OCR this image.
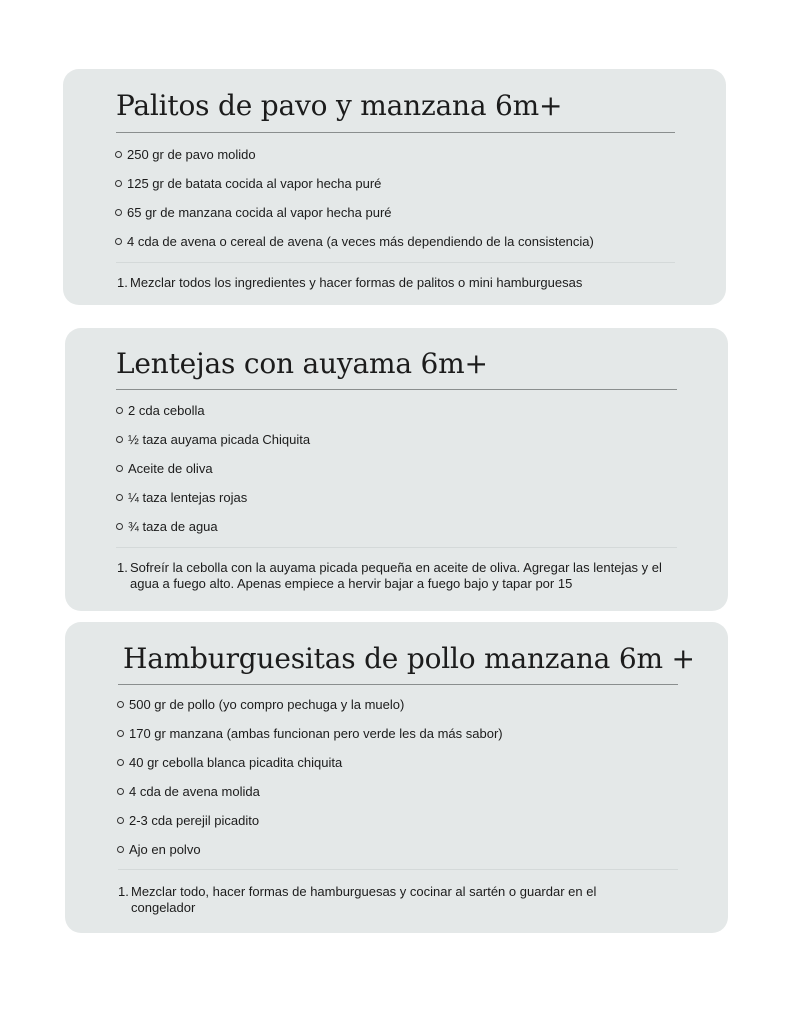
Palitos de pavo y manzana 6m+
250 gr de pavo molido
125 gr de batata cocida al vapor hecha puré
65 gr de manzana cocida al vapor hecha puré
4 cda de avena o cereal de avena (a veces más dependiendo de la consistencia)
1. Mezclar todos los ingredientes y hacer formas de palitos o mini hamburguesas
Lentejas con auyama 6m+
2 cda cebolla
½ taza auyama picada Chiquita
Aceite de oliva
¼ taza lentejas rojas
¾ taza de agua
1. Sofreír la cebolla con la auyama picada pequeña en aceite de oliva. Agregar las lentejas y el agua a fuego alto. Apenas empiece a hervir bajar a fuego bajo y tapar por 15
Hamburguesitas de pollo manzana 6m +
500 gr de pollo (yo compro pechuga y la muelo)
170 gr manzana (ambas funcionan pero verde les da más sabor)
40 gr cebolla blanca picadita chiquita
4 cda de avena molida
2-3 cda perejil picadito
Ajo en polvo
1. Mezclar todo, hacer formas de hamburguesas y cocinar al sartén o guardar en el congelador
